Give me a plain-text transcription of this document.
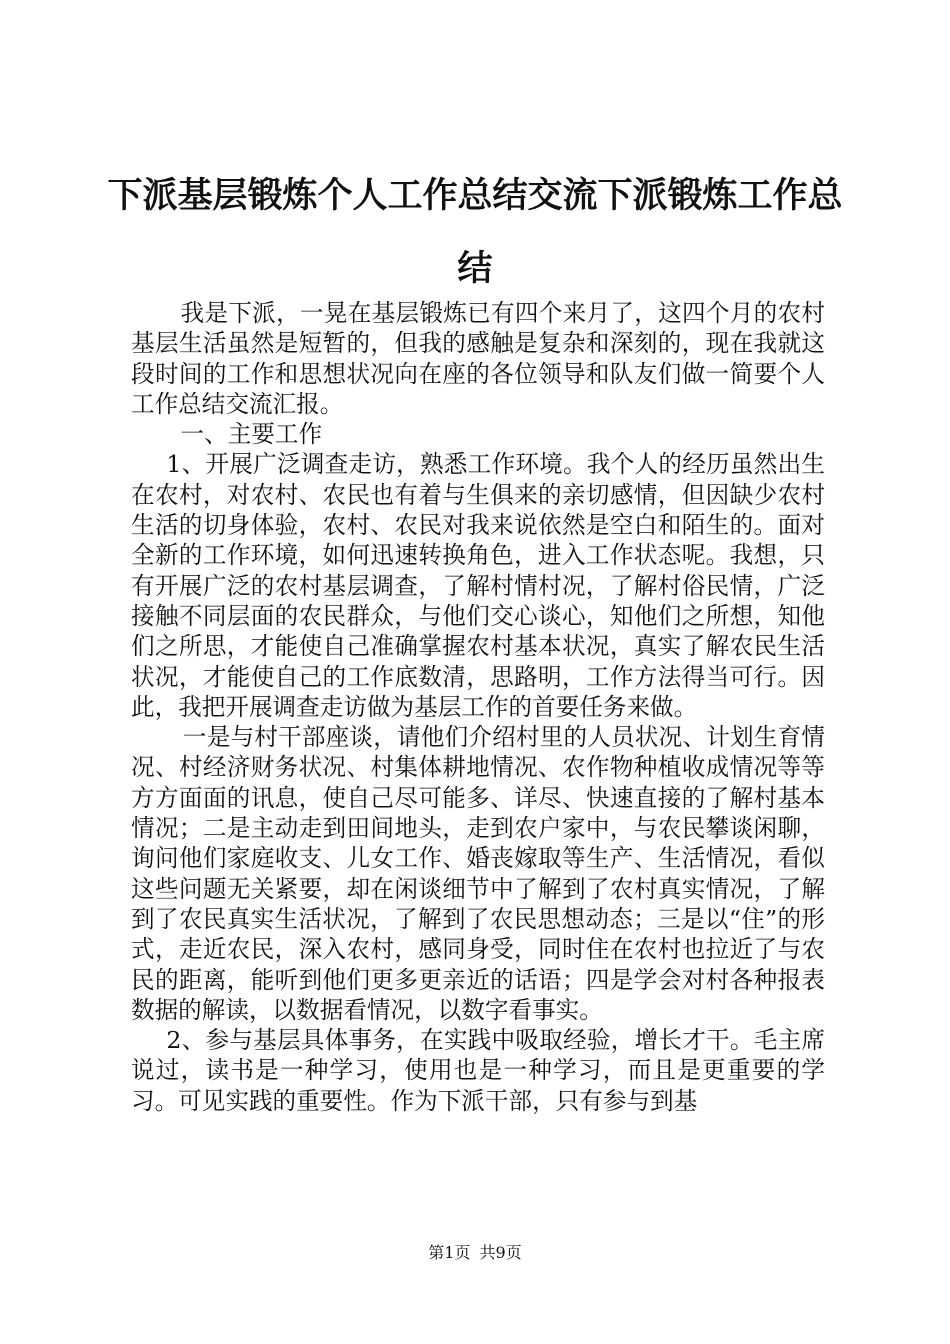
下派基层锻炼个人工作总结交流下派锻炼工作总结

我是下派，一晃在基层锻炼已有四个来月了，这四个月的农村基层生活虽然是短暂的，但我的感触是复杂和深刻的，现在我就这段时间的工作和思想状况向在座的各位领导和队友们做一简要个人工作总结交流汇报。

一、主要工作

1、开展广泛调查走访，熟悉工作环境。我个人的经历虽然出生在农村，对农村、农民也有着与生俱来的亲切感情，但因缺少农村生活的切身体验，农村、农民对我来说依然是空白和陌生的。面对全新的工作环境，如何迅速转换角色，进入工作状态呢。我想，只有开展广泛的农村基层调查，了解村情村况，了解村俗民情，广泛接触不同层面的农民群众，与他们交心谈心，知他们之所想，知他们之所思，才能使自己准确掌握农村基本状况，真实了解农民生活状况，才能使自己的工作底数清，思路明，工作方法得当可行。因此，我把开展调查走访做为基层工作的首要任务来做。

一是与村干部座谈，请他们介绍村里的人员状况、计划生育情况、村经济财务状况、村集体耕地情况、农作物种植收成情况等等方方面面的讯息，使自己尽可能多、详尽、快速直接的了解村基本情况；二是主动走到田间地头，走到农户家中，与农民攀谈闲聊，询问他们家庭收支、儿女工作、婚丧嫁取等生产、生活情况，看似这些问题无关紧要，却在闲谈细节中了解到了农村真实情况，了解到了农民真实生活状况，了解到了农民思想动态；三是以“住”的形式，走近农民，深入农村，感同身受，同时住在农村也拉近了与农民的距离，能听到他们更多更亲近的话语；四是学会对村各种报表数据的解读，以数据看情况，以数字看事实。

2、参与基层具体事务，在实践中吸取经验，增长才干。毛主席说过，读书是一种学习，使用也是一种学习，而且是更重要的学习。可见实践的重要性。作为下派干部，只有参与到基

第1页 共9页
